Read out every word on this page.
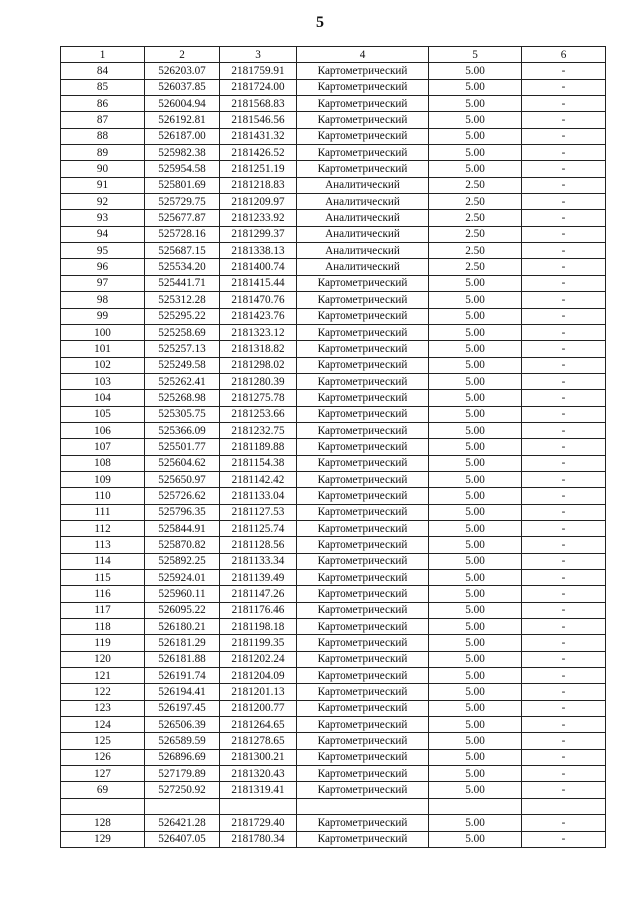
5
1	2	3	4	5	6
84	526203.07	2181759.91	Картометрический	5.00	-
85	526037.85	2181724.00	Картометрический	5.00	-
86	526004.94	2181568.83	Картометрический	5.00	-
87	526192.81	2181546.56	Картометрический	5.00	-
88	526187.00	2181431.32	Картометрический	5.00	-
89	525982.38	2181426.52	Картометрический	5.00	-
90	525954.58	2181251.19	Картометрический	5.00	-
91	525801.69	2181218.83	Аналитический	2.50	-
92	525729.75	2181209.97	Аналитический	2.50	-
93	525677.87	2181233.92	Аналитический	2.50	-
94	525728.16	2181299.37	Аналитический	2.50	-
95	525687.15	2181338.13	Аналитический	2.50	-
96	525534.20	2181400.74	Аналитический	2.50	-
97	525441.71	2181415.44	Картометрический	5.00	-
98	525312.28	2181470.76	Картометрический	5.00	-
99	525295.22	2181423.76	Картометрический	5.00	-
100	525258.69	2181323.12	Картометрический	5.00	-
101	525257.13	2181318.82	Картометрический	5.00	-
102	525249.58	2181298.02	Картометрический	5.00	-
103	525262.41	2181280.39	Картометрический	5.00	-
104	525268.98	2181275.78	Картометрический	5.00	-
105	525305.75	2181253.66	Картометрический	5.00	-
106	525366.09	2181232.75	Картометрический	5.00	-
107	525501.77	2181189.88	Картометрический	5.00	-
108	525604.62	2181154.38	Картометрический	5.00	-
109	525650.97	2181142.42	Картометрический	5.00	-
110	525726.62	2181133.04	Картометрический	5.00	-
111	525796.35	2181127.53	Картометрический	5.00	-
112	525844.91	2181125.74	Картометрический	5.00	-
113	525870.82	2181128.56	Картометрический	5.00	-
114	525892.25	2181133.34	Картометрический	5.00	-
115	525924.01	2181139.49	Картометрический	5.00	-
116	525960.11	2181147.26	Картометрический	5.00	-
117	526095.22	2181176.46	Картометрический	5.00	-
118	526180.21	2181198.18	Картометрический	5.00	-
119	526181.29	2181199.35	Картометрический	5.00	-
120	526181.88	2181202.24	Картометрический	5.00	-
121	526191.74	2181204.09	Картометрический	5.00	-
122	526194.41	2181201.13	Картометрический	5.00	-
123	526197.45	2181200.77	Картометрический	5.00	-
124	526506.39	2181264.65	Картометрический	5.00	-
125	526589.59	2181278.65	Картометрический	5.00	-
126	526896.69	2181300.21	Картометрический	5.00	-
127	527179.89	2181320.43	Картометрический	5.00	-
69	527250.92	2181319.41	Картометрический	5.00	-

128	526421.28	2181729.40	Картометрический	5.00	-
129	526407.05	2181780.34	Картометрический	5.00	-
